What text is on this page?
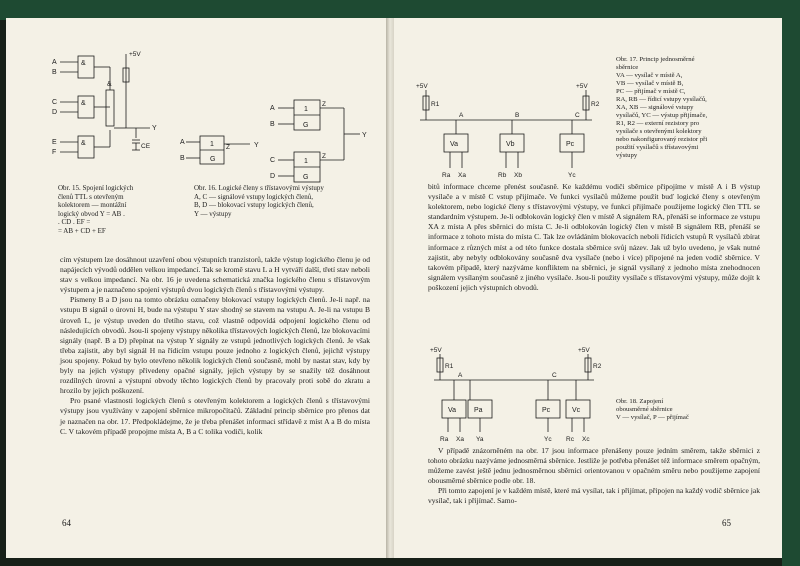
A
B
C
D
E
F
&
&
&
&
+5V
Y
CE
Obr. 15. Spojení logických
členů TTL s otevřeným
kolektorem — montážní
logický obvod Y = AB .
. CD . EF =
= AB + CD + EF
A
B
1
G
Z	Y
A
B
C
D
1
G
1
G
Z
Z
Y
Obr. 16. Logické členy s třístavovými výstupy
A, C — signálové vstupy logických členů,
B, D — blokovací vstupy logických členů,
Y — výstupy

cím výstupem lze dosáhnout uzavření obou výstupních tranzistorů, takže výstup logického členu je od napájecích vývodů oddělen velkou impedancí. Tak se kromě stavu L a H vytváří další, třetí stav neboli stav s velkou impedancí. Na obr. 16 je uvedena schematická značka logického členu s třístavovým výstupem a je naznačeno spojení výstupů dvou logických členů s třístavovými výstupy.

Písmeny B a D jsou na tomto obrázku označeny blokovací vstupy logických členů. Je-li např. na vstupu B signál o úrovni H, bude na výstupu Y stav shodný se stavem na vstupu A. Je-li na vstupu B úroveň L, je výstup uveden do třetího stavu, což vlastně odpovídá odpojení logického členu od následujících obvodů. Jsou-li spojeny výstupy několika třístavových logických členů, lze blokovacími signály (např. B a D) přepínat na výstup Y signály ze vstupů jednotlivých logických členů. Je však třeba zajistit, aby byl signál H na řídicím vstupu pouze jednoho z logických členů, jejichž výstupy jsou spojeny. Pokud by bylo otevřeno několik logických členů současně, mohl by nastat stav, kdy by byly na jejich výstupy přivedeny opačné signály, jejich výstupy by se snažily též dosáhnout rozdílných úrovní a výstupní obvody těchto logických členů by pracovaly proti sobě do zkratu a hrozilo by jejich poškození.

Pro psané vlastnosti logických členů s otevřeným kolektorem a logických členů s třístavovými výstupy jsou využívány v zapojení sběrnice mikropočítačů. Základní princip sběrnice pro přenos dat je naznačen na obr. 17. Předpokládejme, že je třeba přenášet informaci střídavě z míst A a B do místa C. V takovém případě propojme místa A, B a C tolika vodiči, kolik

64
+5V	+5V
R1	R2
A	B	C
Va	Vb	Pc
Ra Xa	Rb Xb	Yc
Obr. 17. Princip jednosměrné
sběrnice
VA — vysílač v místě A,
VB — vysílač v místě B,
PC — přijímač v místě C,
RA, RB — řídicí vstupy vysílačů,
XA, XB — signálové vstupy
vysílačů, YC — výstup přijímače,
R1, R2 — externí rezistory pro
vysílače s otevřenými kolektory
nebo nakonfigurovaný rezistor při
použití vysílačů s třístavovými
výstupy

bitů informace chceme přenést současně. Ke každému vodiči sběrnice připojíme v místě A i B výstup vysílače a v místě C vstup přijímače. Ve funkci vysílačů můžeme použít buď logické členy s otevřeným kolektorem, nebo logické členy s třístavovými výstupy, ve funkci přijímače použijeme logický člen TTL se standardním výstupem. Je-li odblokován logický člen v místě A signálem RA, přenáší se informace ze vstupu XA z místa A přes sběrnici do místa C. Je-li odblokován logický člen v místě B signálem RB, přenáší se informace z tohoto místa do místa C. Tak lze ovládáním blokovacích neboli řídicích vstupů R vysílačů zbírat informace z různých míst a od této funkce dostala sběrnice svůj název. Jak už bylo uvedeno, je však nutné zajistit, aby nebyly odblokovány současně dva vysílače (nebo i více) připojené na jeden vodič sběrnice. V takovém případě, který nazýváme konfliktem na sběrnici, je signál vysílaný z jednoho místa znehodnocen signálem vysílaným současně z jiného vysílače. Jsou-li použity vysílače s třístavovými výstupy, může dojít k poškození jejich výstupních obvodů.

+5V	+5V
R1	R2
A	C
Va	Pa	Pc	Vc
Ra Xa Ya	Yc Rc Xc
Obr. 18. Zapojení
obousměrné sběrnice
V — vysílač, P — přijímač

V případě znázorněném na obr. 17 jsou informace přenášeny pouze jedním směrem, takže sběrnici z tohoto obrázku nazýváme jednosměrná sběrnice. Jestliže je potřeba přenášet též informace směrem opačným, můžeme zavést ještě jednu jednosměrnou sběrnici orientovanou v opačném směru nebo použijeme zapojení obousměrné sběrnice podle obr. 18.

Při tomto zapojení je v každém místě, které má vysílat, tak i přijímat, připojen na každý vodič sběrnice jak vysílač, tak i přijímač. Samo-

65
